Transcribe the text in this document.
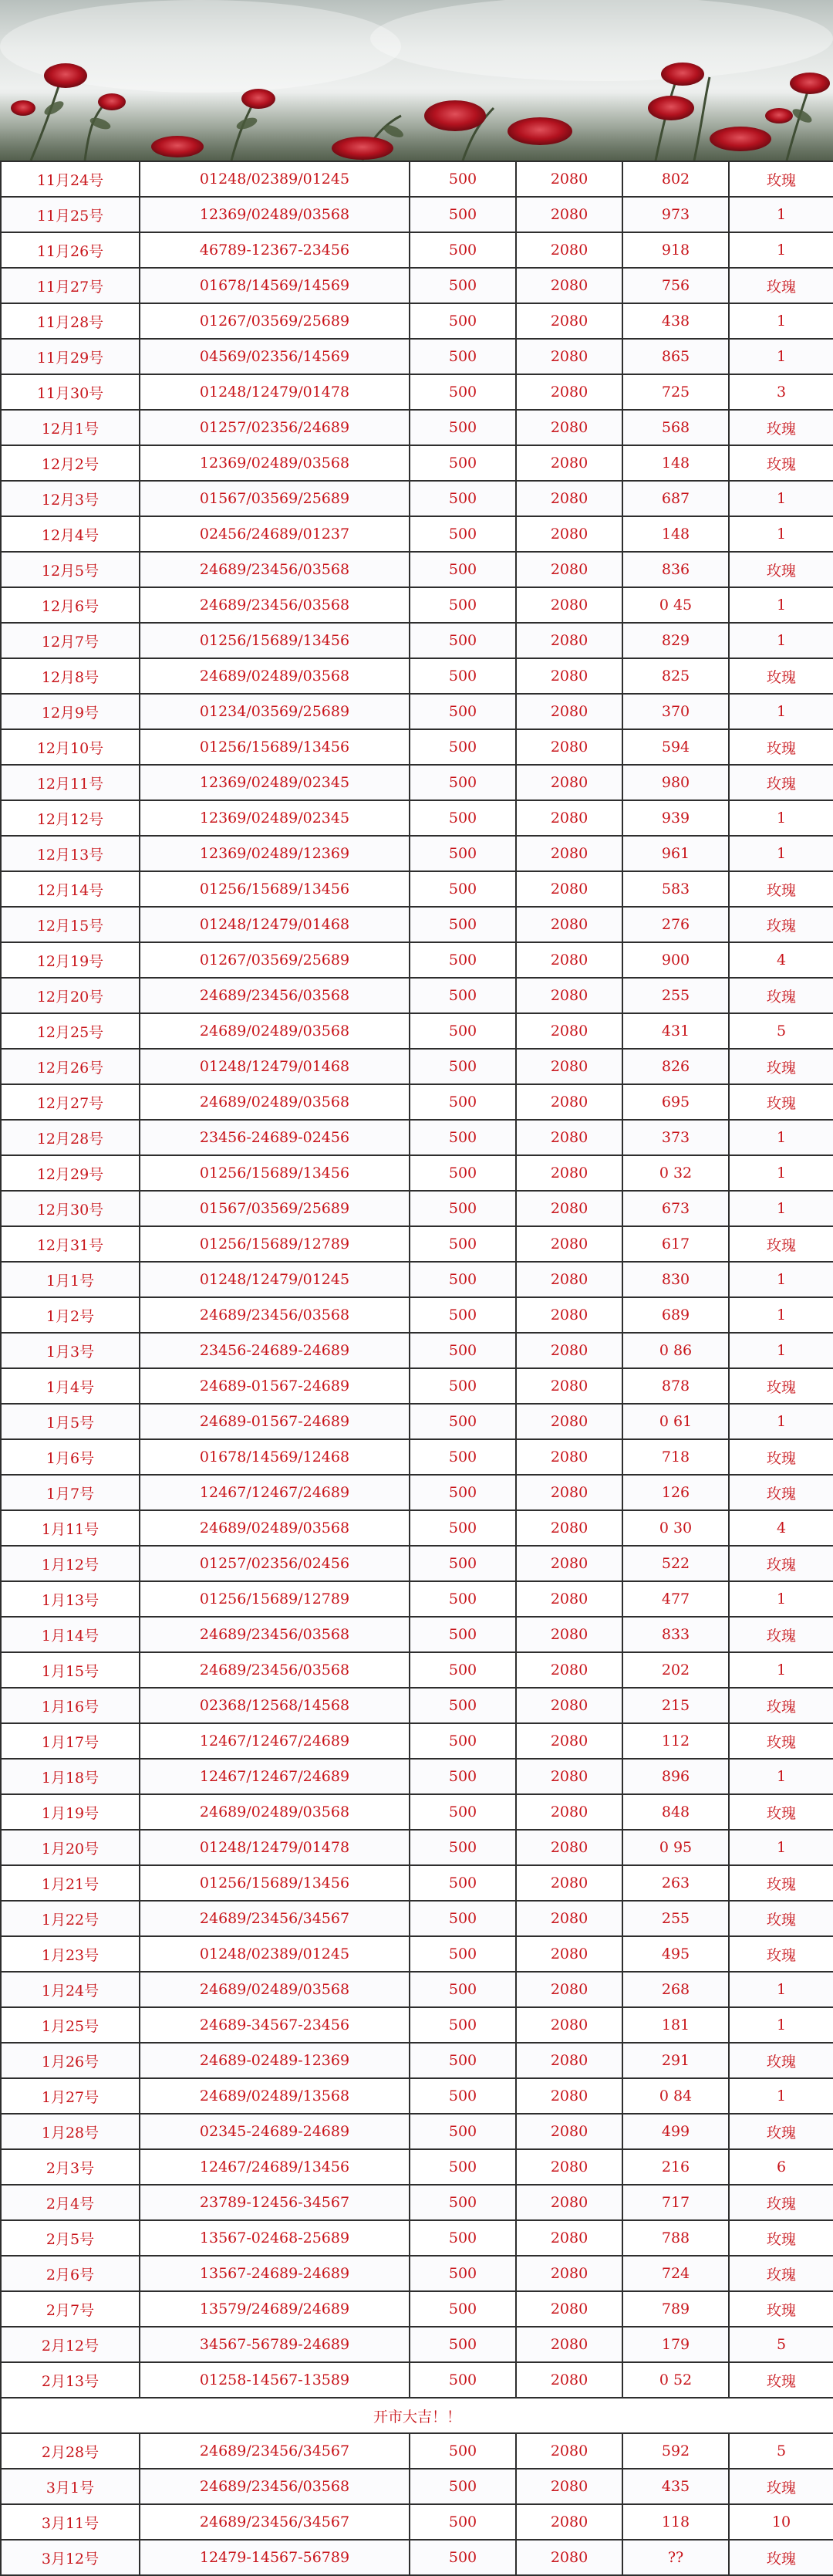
11月24号	01248/02389/01245	500	2080	802	玫瑰
11月25号	12369/02489/03568	500	2080	973	1
11月26号	46789-12367-23456	500	2080	918	1
11月27号	01678/14569/14569	500	2080	756	玫瑰
11月28号	01267/03569/25689	500	2080	438	1
11月29号	04569/02356/14569	500	2080	865	1
11月30号	01248/12479/01478	500	2080	725	3
12月1号	01257/02356/24689	500	2080	568	玫瑰
12月2号	12369/02489/03568	500	2080	148	玫瑰
12月3号	01567/03569/25689	500	2080	687	1
12月4号	02456/24689/01237	500	2080	148	1
12月5号	24689/23456/03568	500	2080	836	玫瑰
12月6号	24689/23456/03568	500	2080	0 45	1
12月7号	01256/15689/13456	500	2080	829	1
12月8号	24689/02489/03568	500	2080	825	玫瑰
12月9号	01234/03569/25689	500	2080	370	1
12月10号	01256/15689/13456	500	2080	594	玫瑰
12月11号	12369/02489/02345	500	2080	980	玫瑰
12月12号	12369/02489/02345	500	2080	939	1
12月13号	12369/02489/12369	500	2080	961	1
12月14号	01256/15689/13456	500	2080	583	玫瑰
12月15号	01248/12479/01468	500	2080	276	玫瑰
12月19号	01267/03569/25689	500	2080	900	4
12月20号	24689/23456/03568	500	2080	255	玫瑰
12月25号	24689/02489/03568	500	2080	431	5
12月26号	01248/12479/01468	500	2080	826	玫瑰
12月27号	24689/02489/03568	500	2080	695	玫瑰
12月28号	23456-24689-02456	500	2080	373	1
12月29号	01256/15689/13456	500	2080	0 32	1
12月30号	01567/03569/25689	500	2080	673	1
12月31号	01256/15689/12789	500	2080	617	玫瑰
1月1号	01248/12479/01245	500	2080	830	1
1月2号	24689/23456/03568	500	2080	689	1
1月3号	23456-24689-24689	500	2080	0 86	1
1月4号	24689-01567-24689	500	2080	878	玫瑰
1月5号	24689-01567-24689	500	2080	0 61	1
1月6号	01678/14569/12468	500	2080	718	玫瑰
1月7号	12467/12467/24689	500	2080	126	玫瑰
1月11号	24689/02489/03568	500	2080	0 30	4
1月12号	01257/02356/02456	500	2080	522	玫瑰
1月13号	01256/15689/12789	500	2080	477	1
1月14号	24689/23456/03568	500	2080	833	玫瑰
1月15号	24689/23456/03568	500	2080	202	1
1月16号	02368/12568/14568	500	2080	215	玫瑰
1月17号	12467/12467/24689	500	2080	112	玫瑰
1月18号	12467/12467/24689	500	2080	896	1
1月19号	24689/02489/03568	500	2080	848	玫瑰
1月20号	01248/12479/01478	500	2080	0 95	1
1月21号	01256/15689/13456	500	2080	263	玫瑰
1月22号	24689/23456/34567	500	2080	255	玫瑰
1月23号	01248/02389/01245	500	2080	495	玫瑰
1月24号	24689/02489/03568	500	2080	268	1
1月25号	24689-34567-23456	500	2080	181	1
1月26号	24689-02489-12369	500	2080	291	玫瑰
1月27号	24689/02489/13568	500	2080	0 84	1
1月28号	02345-24689-24689	500	2080	499	玫瑰
2月3号	12467/24689/13456	500	2080	216	6
2月4号	23789-12456-34567	500	2080	717	玫瑰
2月5号	13567-02468-25689	500	2080	788	玫瑰
2月6号	13567-24689-24689	500	2080	724	玫瑰
2月7号	13579/24689/24689	500	2080	789	玫瑰
2月12号	34567-56789-24689	500	2080	179	5
2月13号	01258-14567-13589	500	2080	0 52	玫瑰
开市大吉！！					
2月28号	24689/23456/34567	500	2080	592	5
3月1号	24689/23456/03568	500	2080	435	玫瑰
3月11号	24689/23456/34567	500	2080	118	10
3月12号	12479-14567-56789	500	2080	??	玫瑰
